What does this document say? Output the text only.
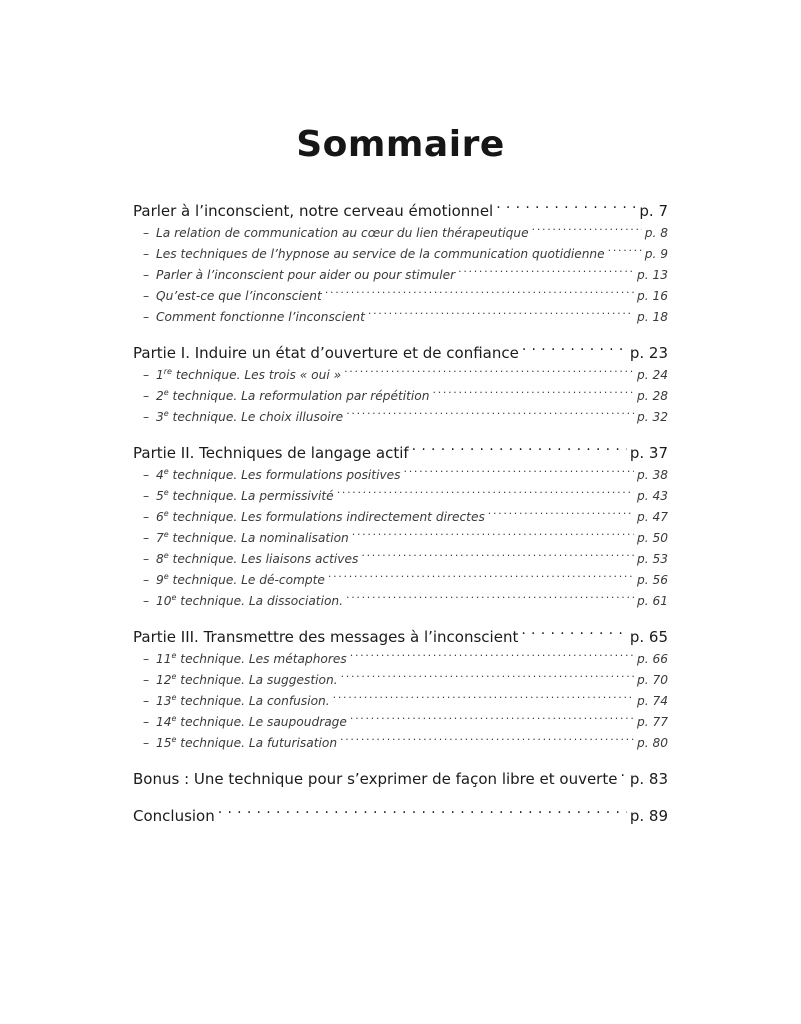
Sommaire
Parler à l’inconscient, notre cerveau émotionnel . . .	p. 7
– La relation de communication au cœur du lien thérapeutique . . .	p. 8
– Les techniques de l’hypnose au service de la communication quotidienne . . .	p. 9
– Parler à l’inconscient pour aider ou pour stimuler . . .	p. 13
– Qu’est-ce que l’inconscient . . .	p. 16
– Comment fonctionne l’inconscient . . .	p. 18
Partie I. Induire un état d’ouverture et de confiance . . .	p. 23
– 1re technique. Les trois « oui » . . .	p. 24
– 2e technique. La reformulation par répétition . . .	p. 28
– 3e technique. Le choix illusoire . . .	p. 32
Partie II. Techniques de langage actif . . .	p. 37
– 4e technique. Les formulations positives . . .	p. 38
– 5e technique. La permissivité . . .	p. 43
– 6e technique. Les formulations indirectement directes . . .	p. 47
– 7e technique. La nominalisation . . .	p. 50
– 8e technique. Les liaisons actives . . .	p. 53
– 9e technique. Le dé-compte . . .	p. 56
– 10e technique. La dissociation. . . .	p. 61
Partie III. Transmettre des messages à l’inconscient . . .	p. 65
– 11e technique. Les métaphores . . .	p. 66
– 12e technique. La suggestion. . . .	p. 70
– 13e technique. La confusion. . . .	p. 74
– 14e technique. Le saupoudrage . . .	p. 77
– 15e technique. La futurisation . . .	p. 80
Bonus : Une technique pour s’exprimer de façon libre et ouverte . . . p. 83
Conclusion . . .	p. 89
